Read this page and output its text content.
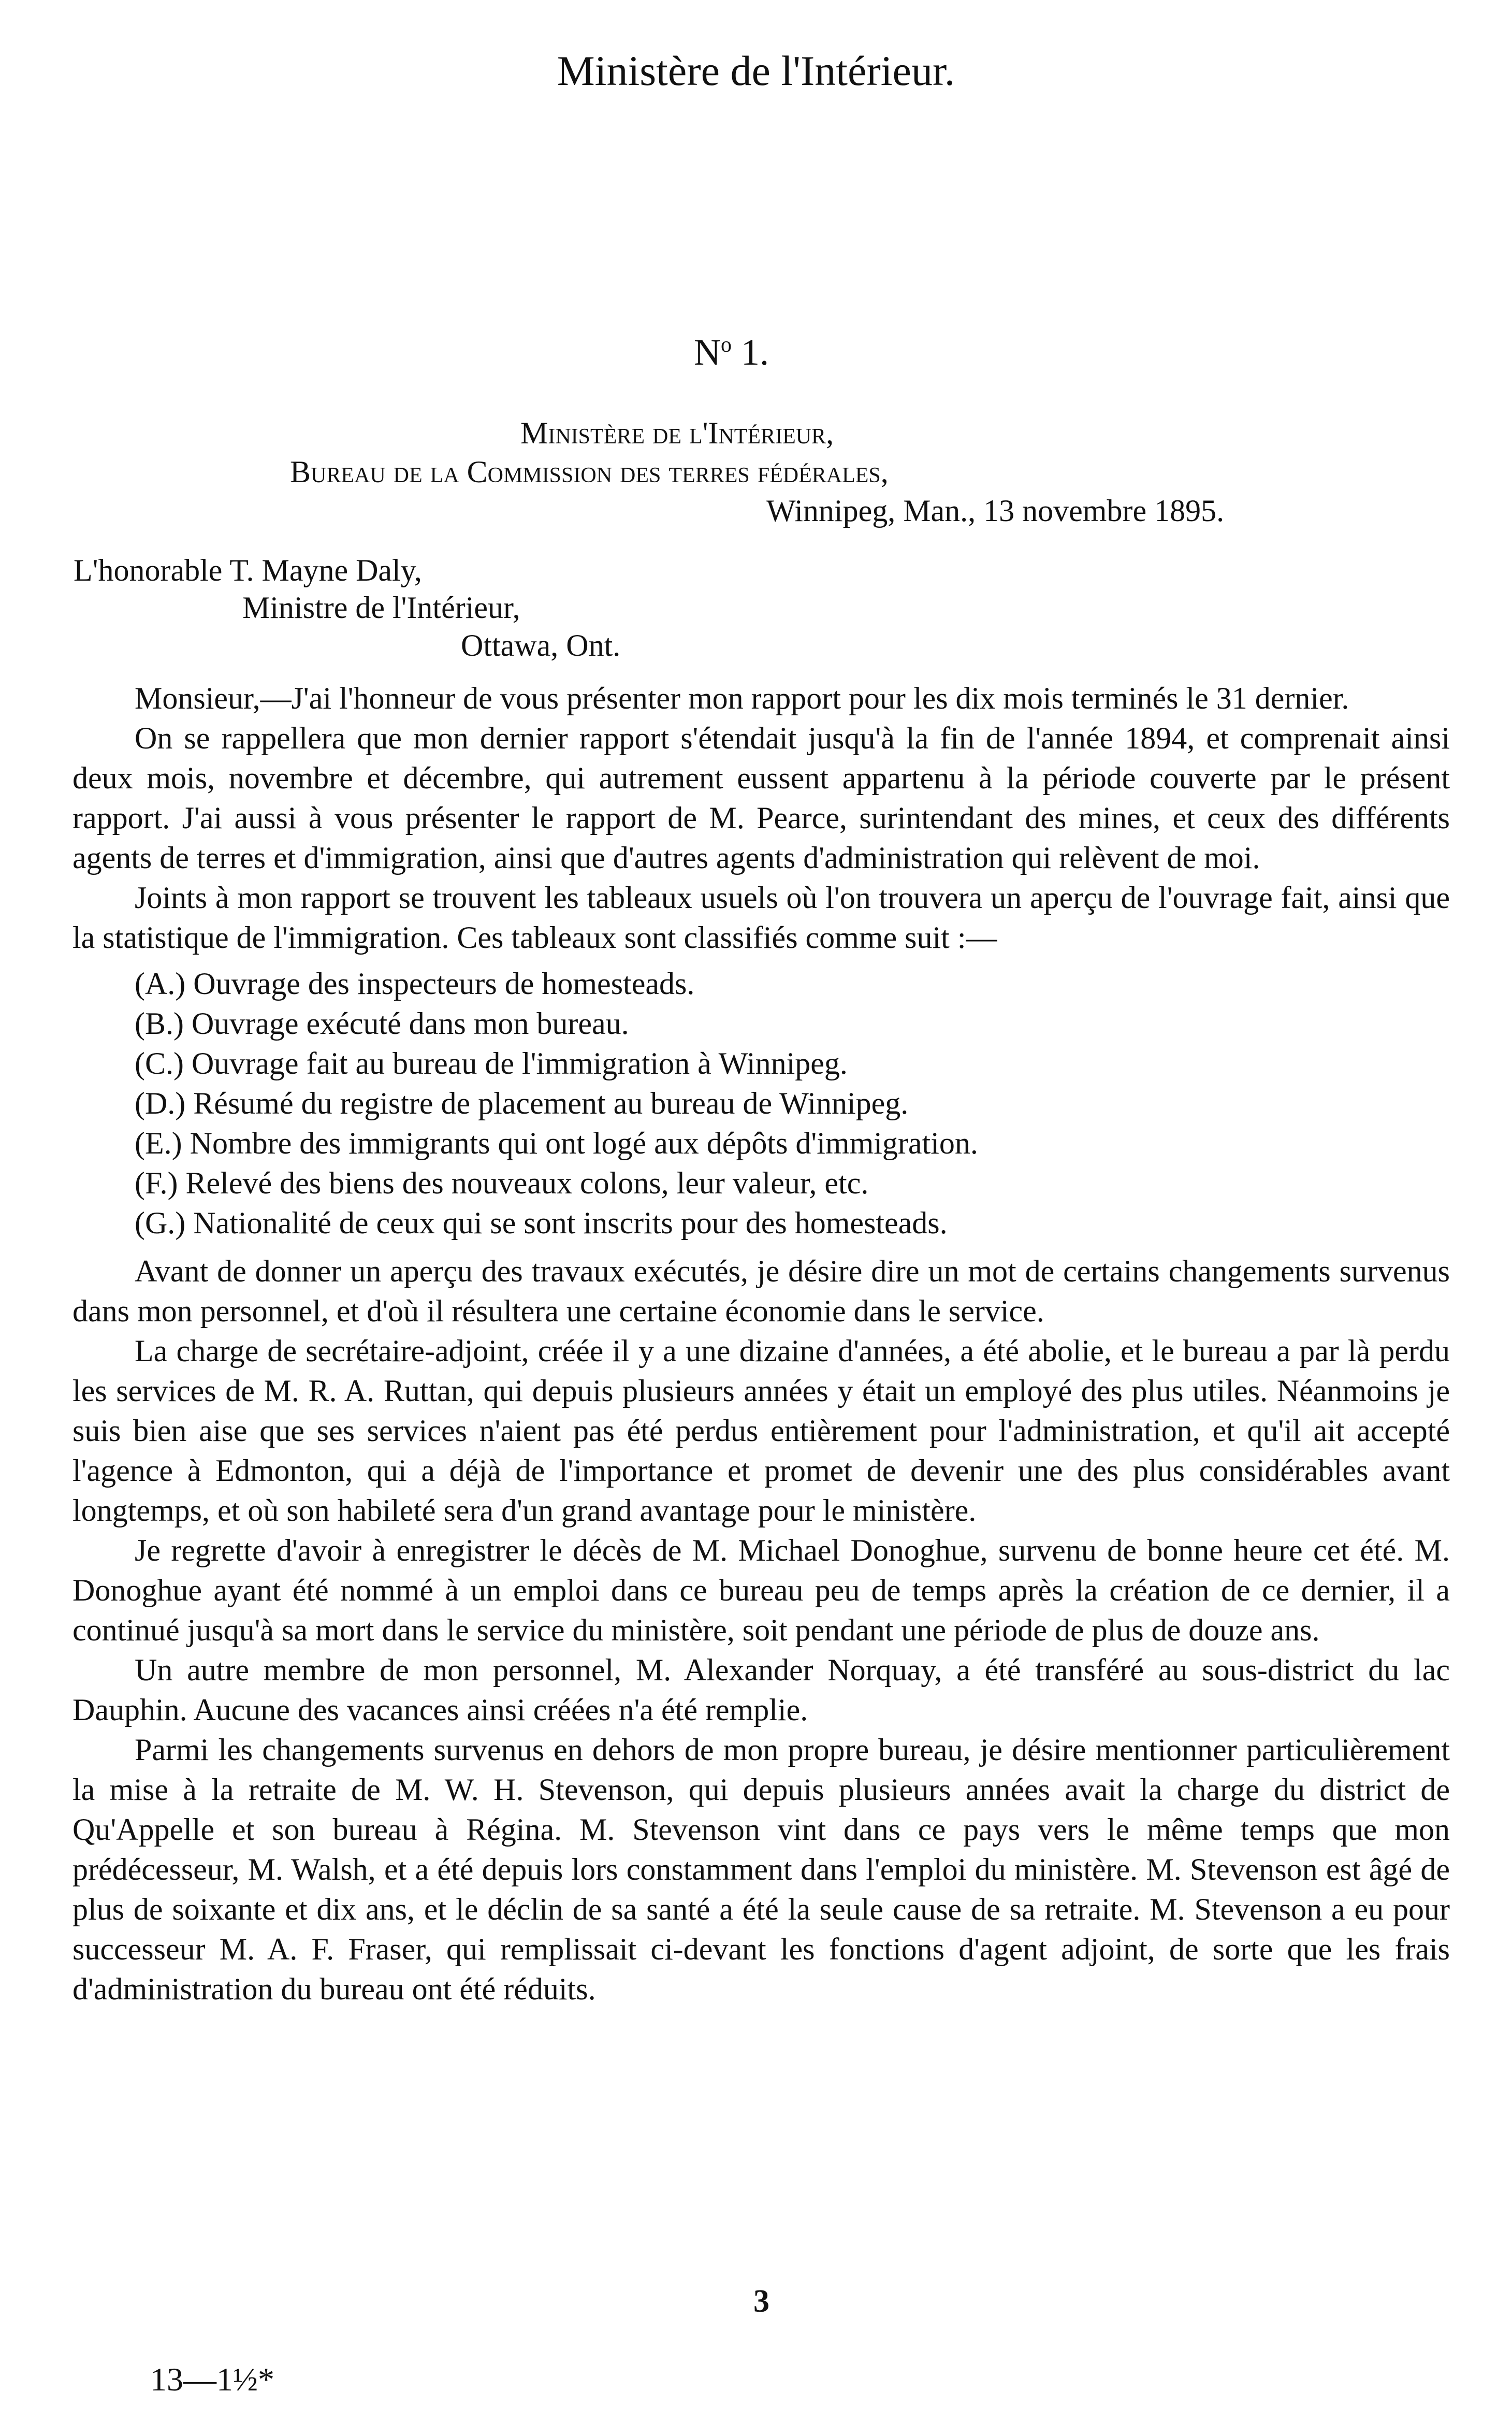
Ministère de l'Intérieur.
$N^o$ 1.
Ministère de l'Intérieur,
Bureau de la Commission des terres fédérales,
Winnipeg, Man., 13 novembre 1895.
L'honorable T. Mayne Daly,
Ministre de l'Intérieur,
Ottawa, Ont.

Monsieur,—J'ai l'honneur de vous présenter mon rapport pour les dix mois terminés le 31 dernier.

On se rappellera que mon dernier rapport s'étendait jusqu'à la fin de l'année 1894, et comprenait ainsi deux mois, novembre et décembre, qui autrement eussent appartenu à la période couverte par le présent rapport. J'ai aussi à vous présenter le rapport de M. Pearce, surintendant des mines, et ceux des différents agents de terres et d'immigration, ainsi que d'autres agents d'administration qui relèvent de moi.

Joints à mon rapport se trouvent les tableaux usuels où l'on trouvera un aperçu de l'ouvrage fait, ainsi que la statistique de l'immigration. Ces tableaux sont classifiés comme suit :—

(A.) Ouvrage des inspecteurs de homesteads.
(B.) Ouvrage exécuté dans mon bureau.
(C.) Ouvrage fait au bureau de l'immigration à Winnipeg.
(D.) Résumé du registre de placement au bureau de Winnipeg.
(E.) Nombre des immigrants qui ont logé aux dépôts d'immigration.
(F.) Relevé des biens des nouveaux colons, leur valeur, etc.
(G.) Nationalité de ceux qui se sont inscrits pour des homesteads.

Avant de donner un aperçu des travaux exécutés, je désire dire un mot de certains changements survenus dans mon personnel, et d'où il résultera une certaine économie dans le service.

La charge de secrétaire-adjoint, créée il y a une dizaine d'années, a été abolie, et le bureau a par là perdu les services de M. R. A. Ruttan, qui depuis plusieurs années y était un employé des plus utiles. Néanmoins je suis bien aise que ses services n'aient pas été perdus entièrement pour l'administration, et qu'il ait accepté l'agence à Edmonton, qui a déjà de l'importance et promet de devenir une des plus considérables avant longtemps, et où son habileté sera d'un grand avantage pour le ministère.

Je regrette d'avoir à enregistrer le décès de M. Michael Donoghue, survenu de bonne heure cet été. M. Donoghue ayant été nommé à un emploi dans ce bureau peu de temps après la création de ce dernier, il a continué jusqu'à sa mort dans le service du ministère, soit pendant une période de plus de douze ans.

Un autre membre de mon personnel, M. Alexander Norquay, a été transféré au sous-district du lac Dauphin. Aucune des vacances ainsi créées n'a été remplie.

Parmi les changements survenus en dehors de mon propre bureau, je désire mentionner particulièrement la mise à la retraite de M. W. H. Stevenson, qui depuis plusieurs années avait la charge du district de Qu'Appelle et son bureau à Régina. M. Stevenson vint dans ce pays vers le même temps que mon prédécesseur, M. Walsh, et a été depuis lors constamment dans l'emploi du ministère. M. Stevenson est âgé de plus de soixante et dix ans, et le déclin de sa santé a été la seule cause de sa retraite. M. Stevenson a eu pour successeur M. A. F. Fraser, qui remplissait ci-devant les fonctions d'agent adjoint, de sorte que les frais d'administration du bureau ont été réduits.

3
13—1½*
